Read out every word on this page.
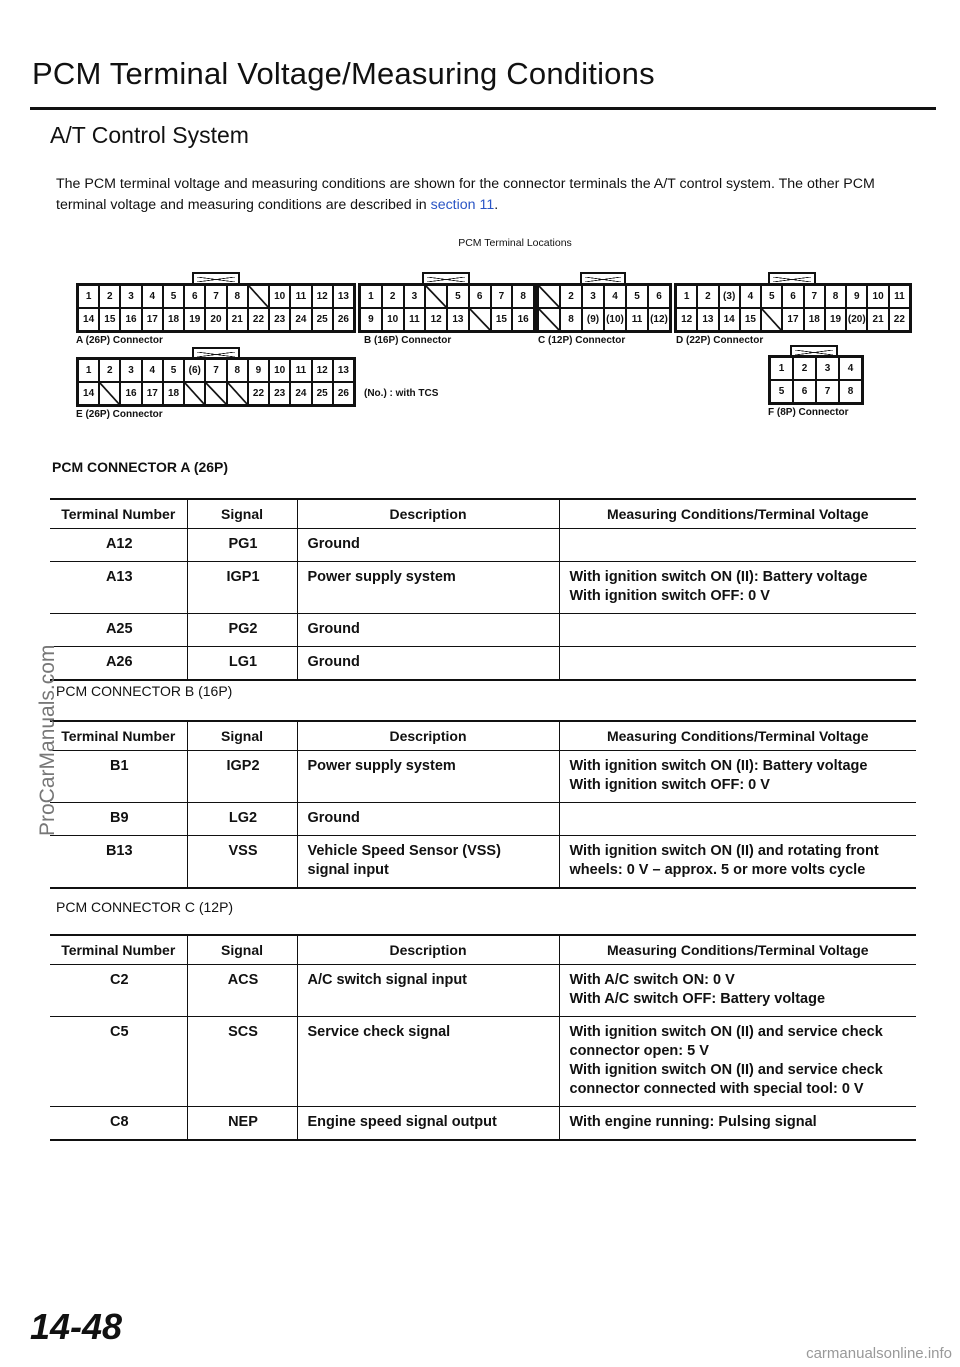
PCM Terminal Voltage/Measuring Conditions
A/T Control System
The PCM terminal voltage and measuring conditions are shown for the connector terminals the A/T control system. The other PCM terminal voltage and measuring conditions are described in section 11.
PCM Terminal Locations
1	2	3	4	5	6	7	8	10	11	12	13
14	15	16	17	18	19	20	21	22	23	24	25	26
1	2	3	5	6	7	8
9	10	11	12	13	15	16
2	3	4	5	6
8	(9) (10) 11 (12)
1	2	(3)	4	5	6	7	8	9	10	11
12	13	14	15	17	18	19 (20) 21	22
1	2	3	4	5	(6)	7	8	9	10	11	12	13
14	16	17	18	22	23	24	25	26
1	2	3	4
5	6	7	8
A (26P) Connector	B (16P) Connector	C (12P) Connector	D (22P) Connector
E (26P) Connector
(No.) : with TCS
F (8P) Connector
PCM CONNECTOR A (26P)
Terminal Number	Signal	Description	Measuring Conditions/Terminal Voltage
A12	PG1	Ground	
A13	IGP1	Power supply system	With ignition switch ON (II): Battery voltage
With ignition switch OFF: 0 V
A25	PG2	Ground	
A26	LG1	Ground	
PCM CONNECTOR B (16P)
Terminal Number	Signal	Description	Measuring Conditions/Terminal Voltage
B1	IGP2	Power supply system	With ignition switch ON (II): Battery voltage
With ignition switch OFF: 0 V
B9	LG2	Ground	
B13	VSS	Vehicle Speed Sensor (VSS)
signal input	With ignition switch ON (II) and rotating front
wheels: 0 V – approx. 5 or more volts cycle
PCM CONNECTOR C (12P)
Terminal Number	Signal	Description	Measuring Conditions/Terminal Voltage
C2	ACS	A/C switch signal input	With A/C switch ON: 0 V
With A/C switch OFF: Battery voltage
C5	SCS	Service check signal	With ignition switch ON (II) and service check
connector open: 5 V
With ignition switch ON (II) and service check
connector connected with special tool: 0 V
C8	NEP	Engine speed signal output	With engine running: Pulsing signal
ProCarManuals.com
14-48
carmanualsonline.info
